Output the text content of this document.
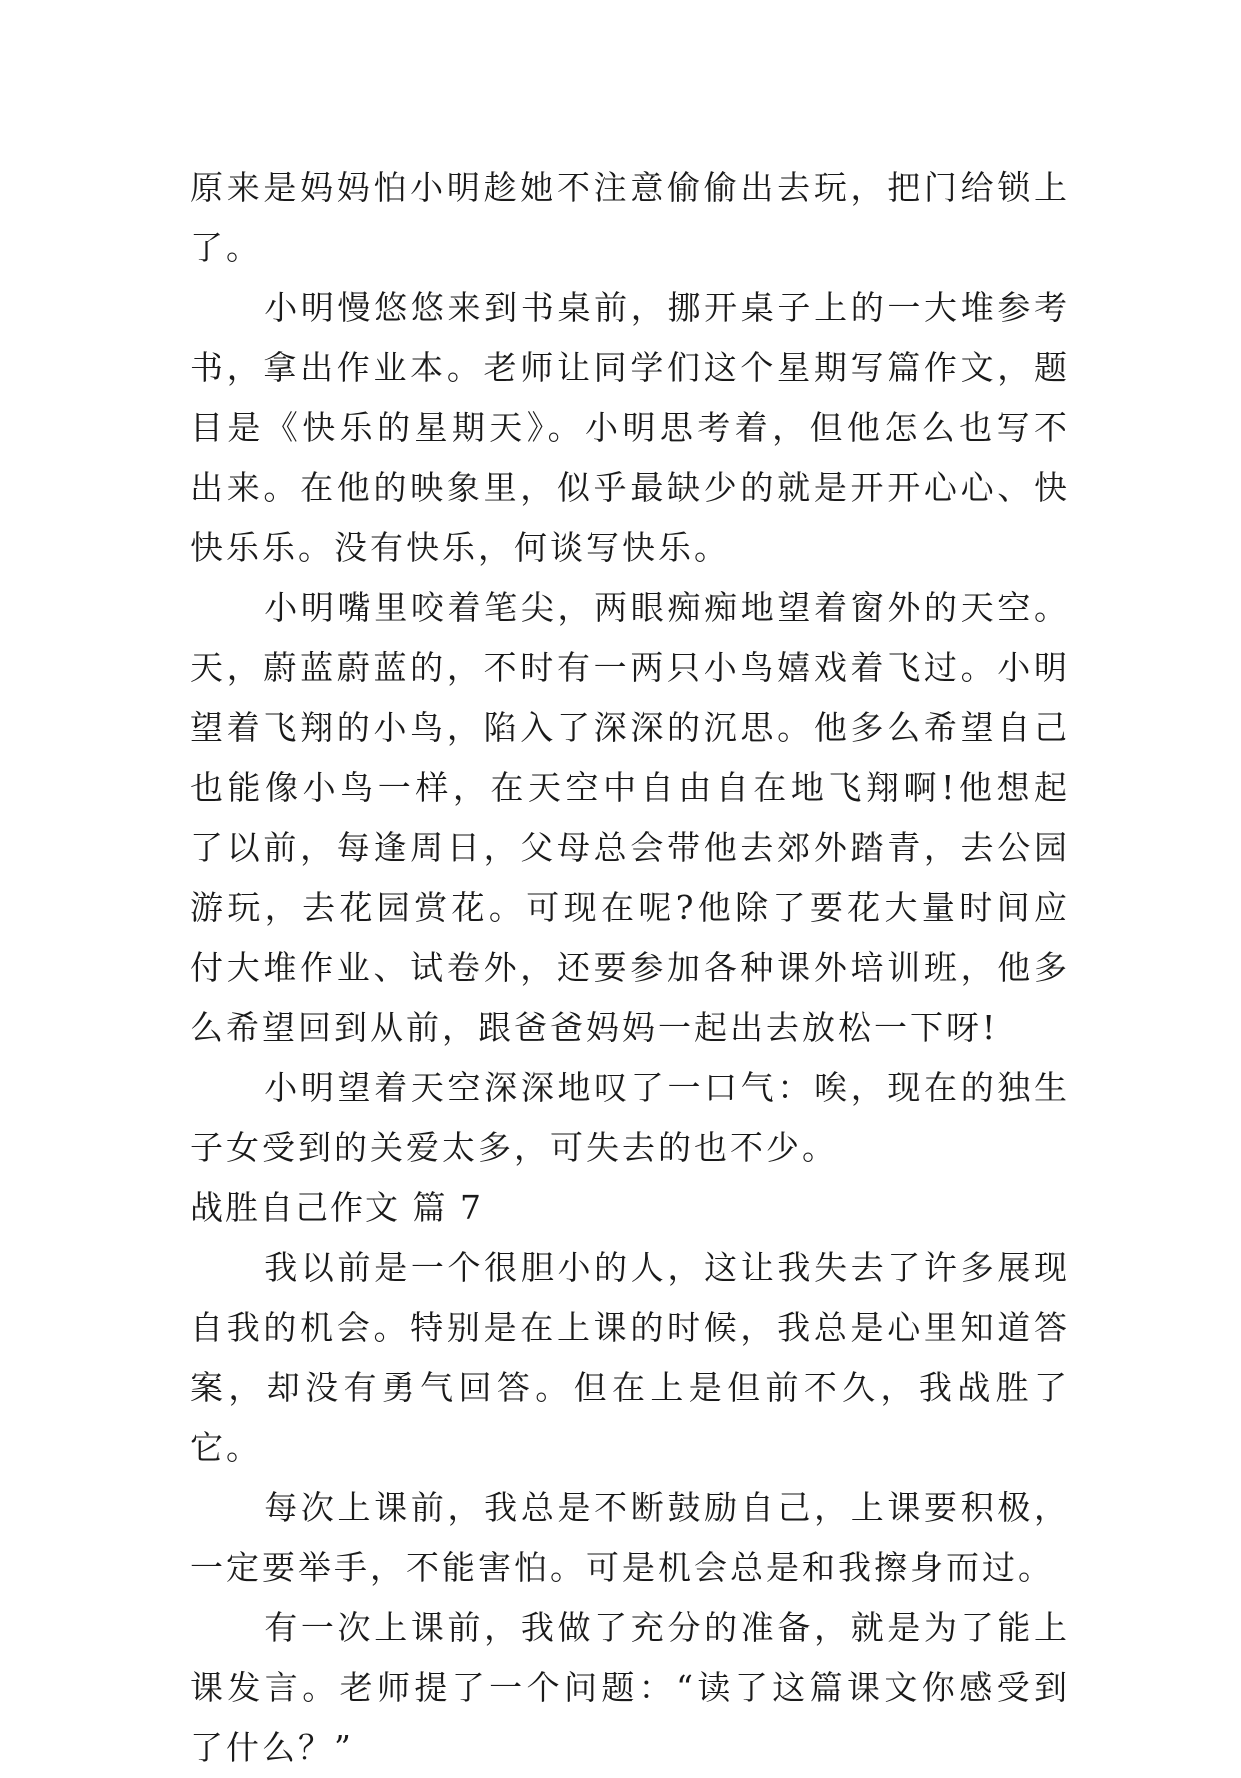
原来是妈妈怕小明趁她不注意偷偷出去玩，把门给锁上了。

小明慢悠悠来到书桌前，挪开桌子上的一大堆参考书，拿出作业本。老师让同学们这个星期写篇作文，题目是《快乐的星期天》。小明思考着，但他怎么也写不出来。在他的映象里，似乎最缺少的就是开开心心、快快乐乐。没有快乐，何谈写快乐。

小明嘴里咬着笔尖，两眼痴痴地望着窗外的天空。天，蔚蓝蔚蓝的，不时有一两只小鸟嬉戏着飞过。小明望着飞翔的小鸟，陷入了深深的沉思。他多么希望自己也能像小鸟一样，在天空中自由自在地飞翔啊!他想起了以前，每逢周日，父母总会带他去郊外踏青，去公园游玩，去花园赏花。可现在呢?他除了要花大量时间应付大堆作业、试卷外，还要参加各种课外培训班，他多么希望回到从前，跟爸爸妈妈一起出去放松一下呀!

小明望着天空深深地叹了一口气：唉，现在的独生子女受到的关爱太多，可失去的也不少。

战胜自己作文 篇 7

我以前是一个很胆小的人，这让我失去了许多展现自我的机会。特别是在上课的时候，我总是心里知道答案，却没有勇气回答。但在上是但前不久，我战胜了它。

每次上课前，我总是不断鼓励自己，上课要积极，一定要举手，不能害怕。可是机会总是和我擦身而过。

有一次上课前，我做了充分的准备，就是为了能上课发言。老师提了一个问题：“读了这篇课文你感受到了什么？”
